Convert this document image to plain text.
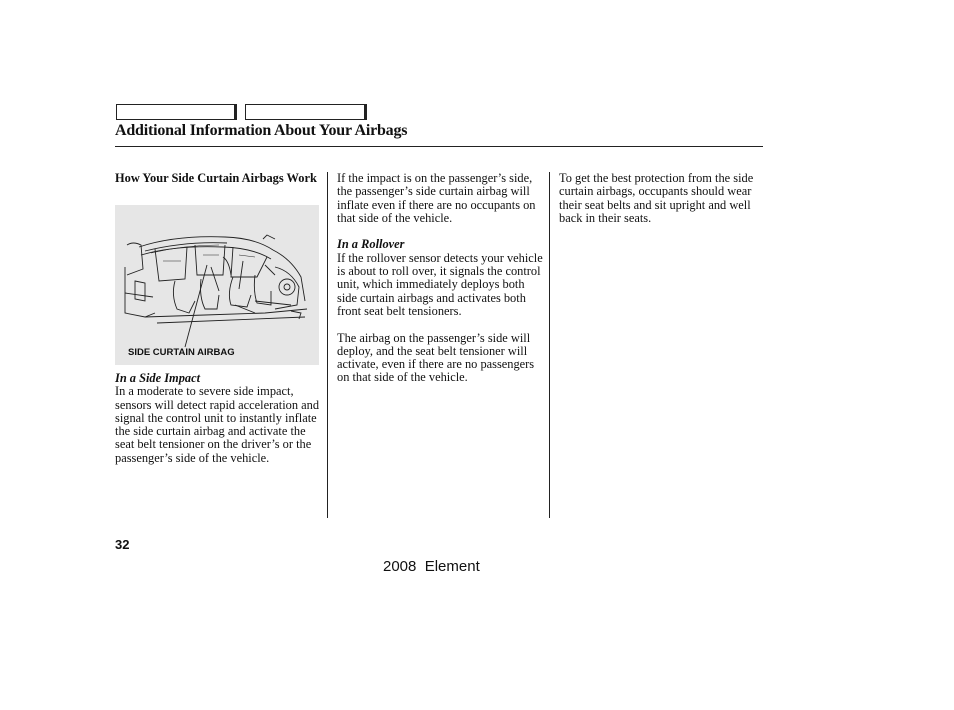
Additional Information About Your Airbags

How Your Side Curtain Airbags Work

SIDE CURTAIN AIRBAG

In a Side Impact

In a moderate to severe side impact, sensors will detect rapid acceleration and signal the control unit to instantly inflate the side curtain airbag and activate the seat belt tensioner on the driver’s or the passenger’s side of the vehicle.

If the impact is on the passenger’s side, the passenger’s side curtain airbag will inflate even if there are no occupants on that side of the vehicle.

In a Rollover

If the rollover sensor detects your vehicle is about to roll over, it signals the control unit, which immediately deploys both side curtain airbags and activates both front seat belt tensioners.

The airbag on the passenger’s side will deploy, and the seat belt tensioner will activate, even if there are no passengers on that side of the vehicle.

To get the best protection from the side curtain airbags, occupants should wear their seat belts and sit upright and well back in their seats.

32
2008  Element
